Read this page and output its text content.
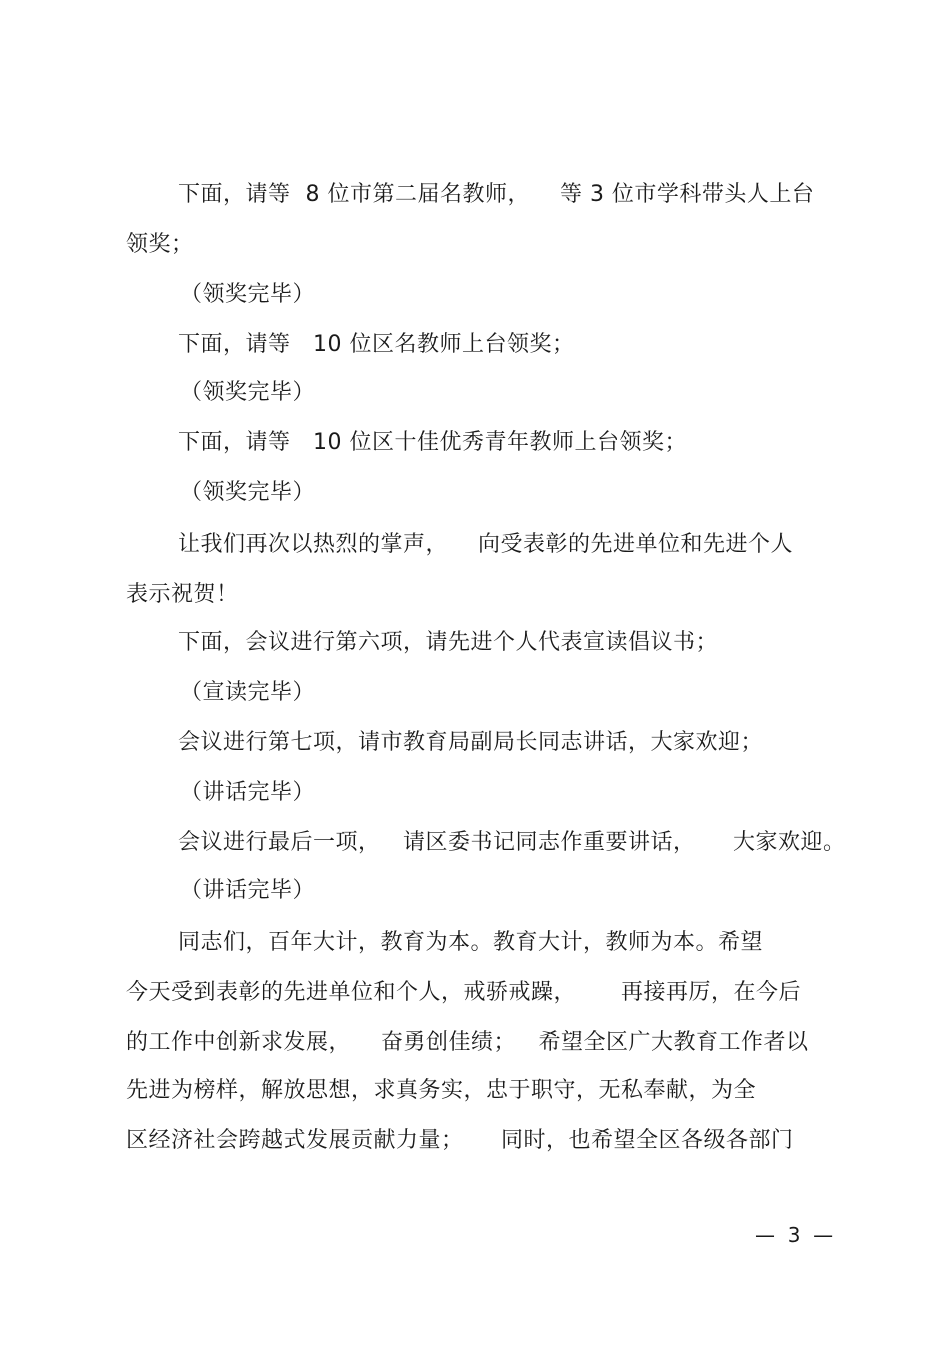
下面，请等  8 位市第二届名教师，    等 3 位市学科带头人上台
领奖；
（领奖完毕）
下面，请等   10 位区名教师上台领奖；
（领奖完毕）
下面，请等   10 位区十佳优秀青年教师上台领奖；
（领奖完毕）
让我们再次以热烈的掌声，    向受表彰的先进单位和先进个人
表示祝贺！
下面，会议进行第六项，请先进个人代表宣读倡议书；
（宣读完毕）
会议进行第七项，请市教育局副局长同志讲话，大家欢迎；
（讲话完毕）
会议进行最后一项，   请区委书记同志作重要讲话，     大家欢迎。
（讲话完毕）
同志们，百年大计，教育为本。教育大计，教师为本。希望
今天受到表彰的先进单位和个人，戒骄戒躁，      再接再厉，在今后
的工作中创新求发展，    奋勇创佳绩；   希望全区广大教育工作者以
先进为榜样，解放思想，求真务实，忠于职守，无私奉献，为全
区经济社会跨越式发展贡献力量；     同时，也希望全区各级各部门
—  3  —
